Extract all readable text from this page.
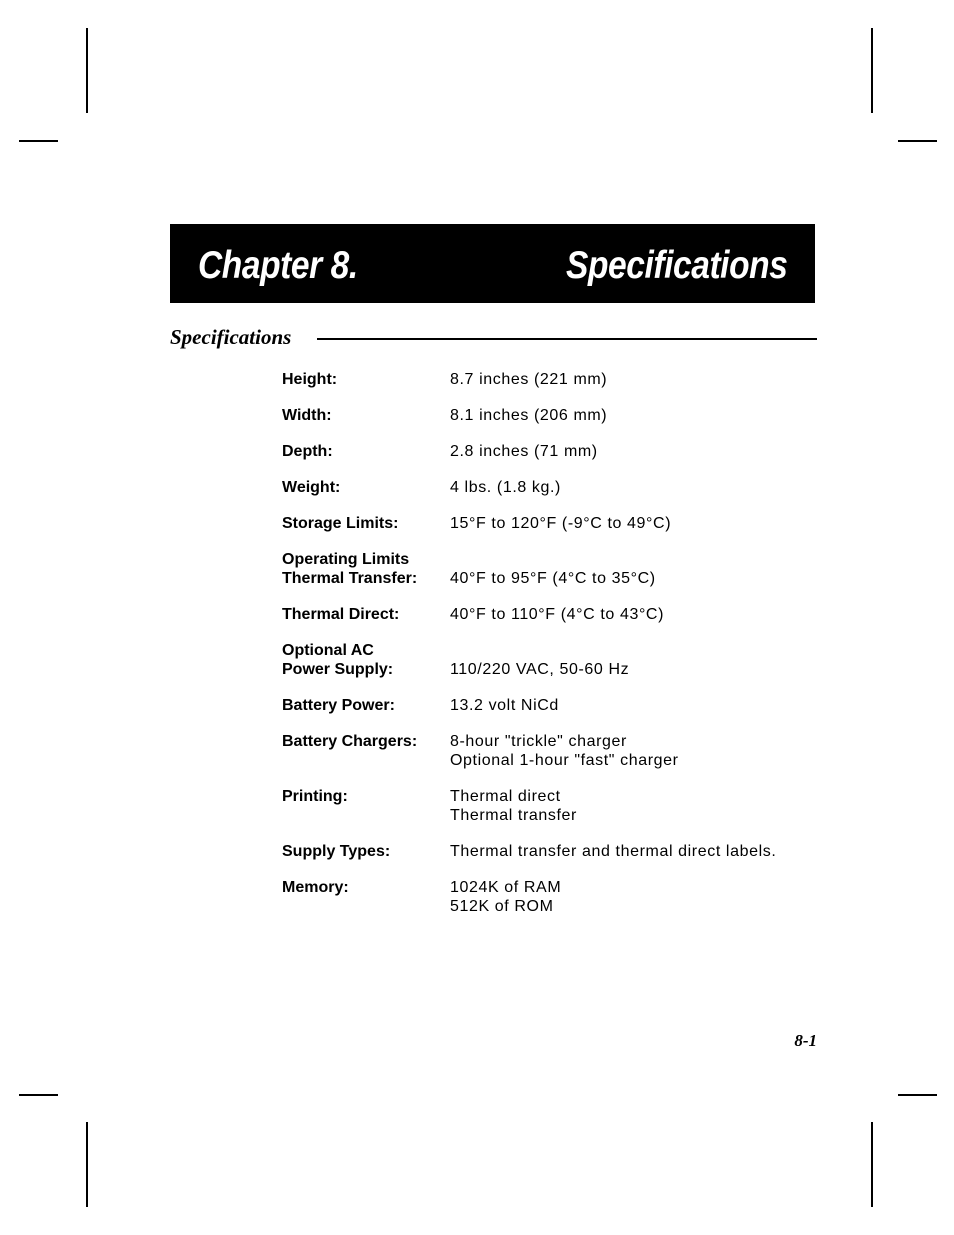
Chapter 8.	Specifications
Specifications
Height:	8.7 inches (221 mm)
Width:	8.1 inches (206 mm)
Depth:	2.8 inches (71 mm)
Weight:	4 lbs. (1.8 kg.)
Storage Limits:	15°F to 120°F (-9°C to 49°C)
Operating Limits
Thermal Transfer:	40°F to 95°F (4°C to 35°C)
Thermal Direct:	40°F to 110°F (4°C to 43°C)
Optional AC
Power Supply:	110/220 VAC, 50-60 Hz
Battery Power:	13.2 volt NiCd
Battery Chargers:	8-hour "trickle" charger
Optional 1-hour "fast" charger
Printing:	Thermal direct
Thermal transfer
Supply Types:	Thermal transfer and thermal direct labels.
Memory:	1024K of RAM
512K of ROM
8-1
